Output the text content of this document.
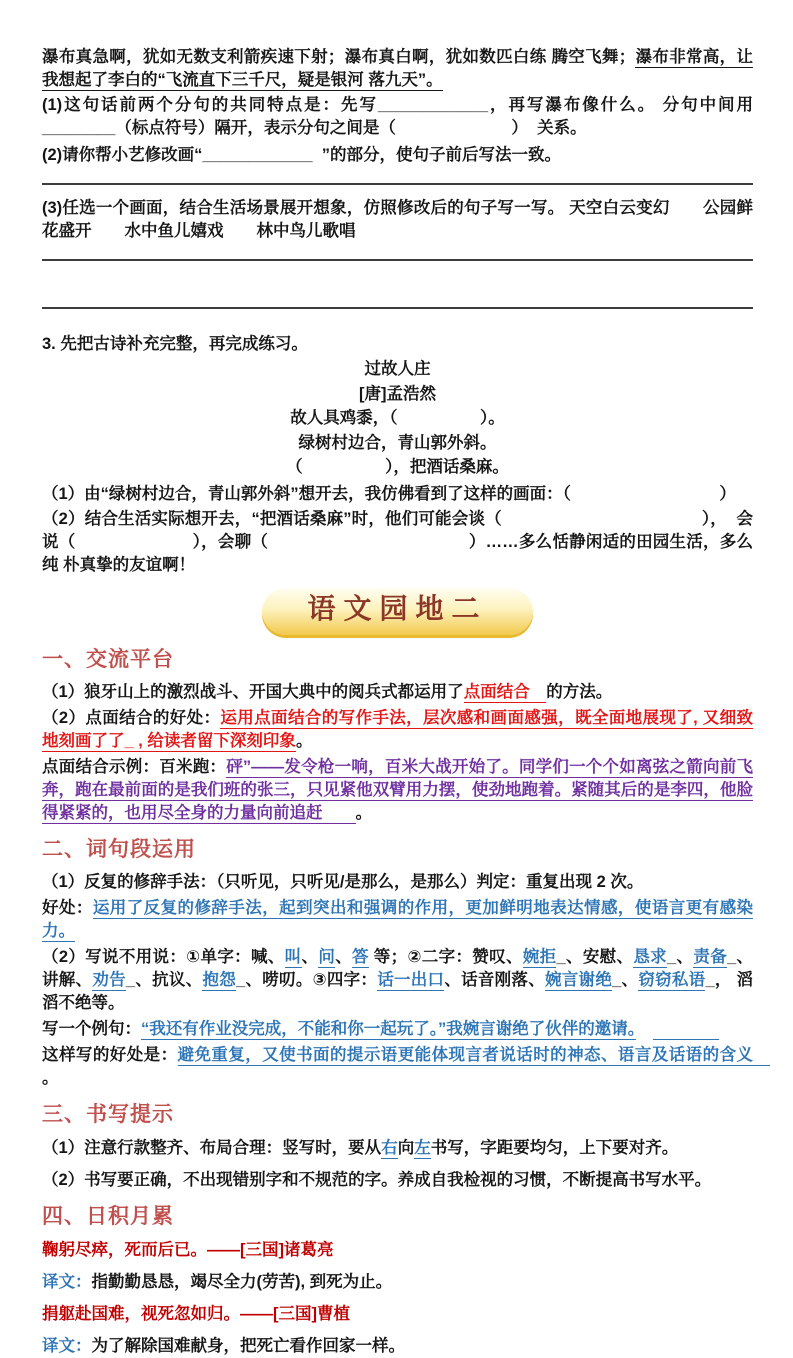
瀑布真急啊，犹如无数支利箭疾速下射；瀑布真白啊，犹如数匹白练 腾空飞舞；瀑布非常高，让我想起了李白的“飞流直下三千尺，疑是银河 落九天”。

(1)这句话前两个分句的共同特点是：先写____________，再写瀑布像什么。 分句中间用________（标点符号）隔开，表示分句之间是（　　　　　　　）  关系。

(2)请你帮小艺修改画“____________  ”的部分，使句子前后写法一致。

(3)任选一个画面，结合生活场景展开想象，仿照修改后的句子写一写。 天空白云变幻　　公园鲜花盛开　　水中鱼儿嬉戏　　林中鸟儿歌唱

3. 先把古诗补充完整，再完成练习。

过故人庄

[唐]孟浩然

故人具鸡黍，（　　　　　）。

绿树村边合，青山郭外斜。

（　　　　　），把酒话桑麻。

（1）由“绿树村边合，青山郭外斜”想开去，我仿佛看到了这样的画面：（　　　　　　　　　）

（2）结合生活实际想开去，“把酒话桑麻”时，他们可能会谈（　　　　　　　　　　　　），  会说（　　　　　　　），会聊（　　　　　　　　　　　　）……多么恬静闲适的田园生活，多么纯 朴真挚的友谊啊！

语文园地二
一、交流平台

（1）狼牙山上的激烈战斗、开国大典中的阅兵式都运用了点面结合　的方法。

（2）点面结合的好处：运用点面结合的写作手法，层次感和画面感强，既全面地展现了, 又细致地刻画了了_ , 给读者留下深刻印象。

点面结合示例：百米跑：砰”——发令枪一响，百米大战开始了。同学们一个个如离弦之箭向前飞奔，跑在最前面的是我们班的张三，只见紧他双臂用力摆，使劲地跑着。紧随其后的是李四，他脸得紧紧的，也用尽全身的力量向前追赶　　。

二、词句段运用

（1）反复的修辞手法：（只听见，只听见/是那么，是那么）判定：重复出现 2 次。

好处：运用了反复的修辞手法，起到突出和强调的作用，更加鲜明地表达情感，使语言更有感染力。

（2）写说不用说：①单字：喊、叫、问、答 等；②二字：赞叹、婉拒_、安慰、恳求_、责备_、 讲解、劝告_、抗议、抱怨_、唠叨。③四字：话一出口、话音刚落、婉言谢绝_、窃窃私语_， 滔滔不绝等。

写一个例句：“我还有作业没完成，不能和你一起玩了。”我婉言谢绝了伙伴的邀请。　　　　　

这样写的好处是：避免重复，又使书面的提示语更能体现言者说话时的神态、语言及话语的含义　　。

三、书写提示

（1）注意行款整齐、布局合理：竖写时，要从右向左书写，字距要均匀，上下要对齐。

（2）书写要正确，不出现错别字和不规范的字。养成自我检视的习惯，不断提高书写水平。

四、日积月累

鞠躬尽瘁，死而后已。——[三国]诸葛亮

译文：指勤勤恳恳，竭尽全力(劳苦), 到死为止。

捐躯赴国难，视死忽如归。——[三国]曹植

译文：为了解除国难献身，把死亡看作回家一样。
